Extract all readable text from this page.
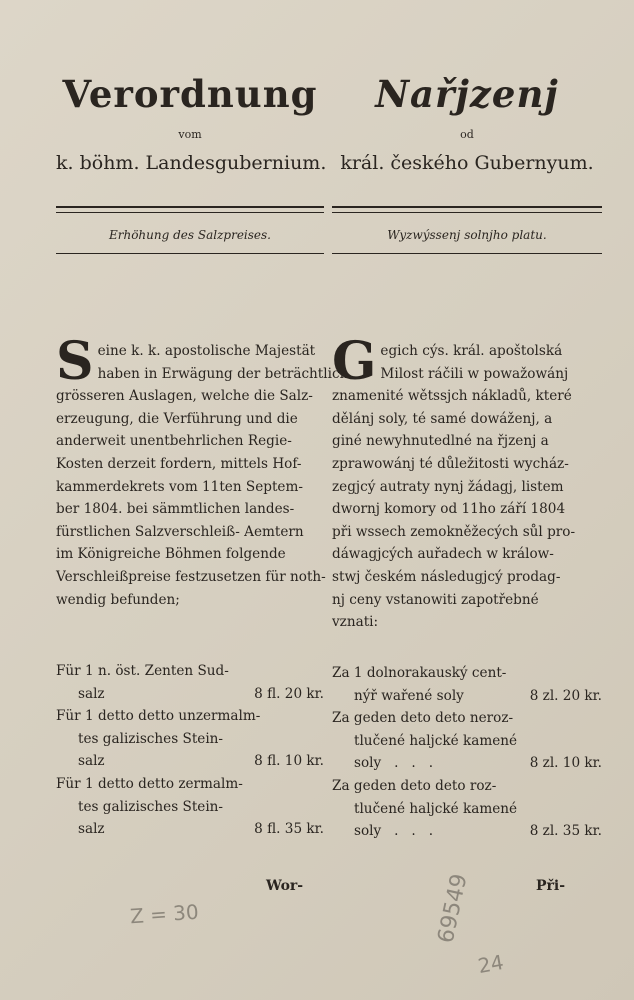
Verordnung

vom

k. böhm. Landesgubernium.

Erhöhung des Salzpreises.

S eine k. k. apostolische Majestät
haben in Erwägung der beträchtlich
grösseren Auslagen, welche die Salz-
erzeugung, die Verführung und die
anderweit unentbehrlichen Regie-
Kosten derzeit fordern, mittels Hof-
kammerdekrets vom 11ten Septem-
ber 1804. bei sämmtlichen landes-
fürstlichen Salzverschleiß- Aemtern
im Königreiche Böhmen folgende
Verschleißpreise festzusetzen für noth-
wendig befunden;
Für 1 n. öst. Zenten Sud-
salz	8 fl. 20 kr.
Für 1 detto detto unzermalm-
tes galizisches Stein-
salz	8 fl. 10 kr.
Für 1 detto detto zermalm-
tes galizisches Stein-
salz	8 fl. 35 kr.
Wor-
Nařjzenj

od

král. českého Gubernyum.

Wyzwýssenj solnjho platu.

G egich cýs. král. apoštolská
Milost ráčili w powažowánj
znamenité wětssjch nákladů, které
dělánj soly, té samé dowáženj, a
giné newyhnutedlné na řjzenj a
zprawowánj té důležitosti wycház-
zegjcý autraty nynj žádagj, listem
dwornj komory od 11ho září 1804
při wssech zemokněžecých sůl pro-
dáwagjcých auřadech w králow-
stwj českém následugjcý prodag-
nj ceny vstanowiti zapotřebné
vznati:
Za 1 dolnorakauský cent-
nýř wařené soly	8 zl. 20 kr.
Za geden deto deto neroz-
tlučené haljcké kamené
soly   .   .   .	8 zl. 10 kr.
Za geden deto deto roz-
tlučené haljcké kamené
soly   .   .   .	8 zl. 35 kr.
Při-
Z = 30	69549
24
